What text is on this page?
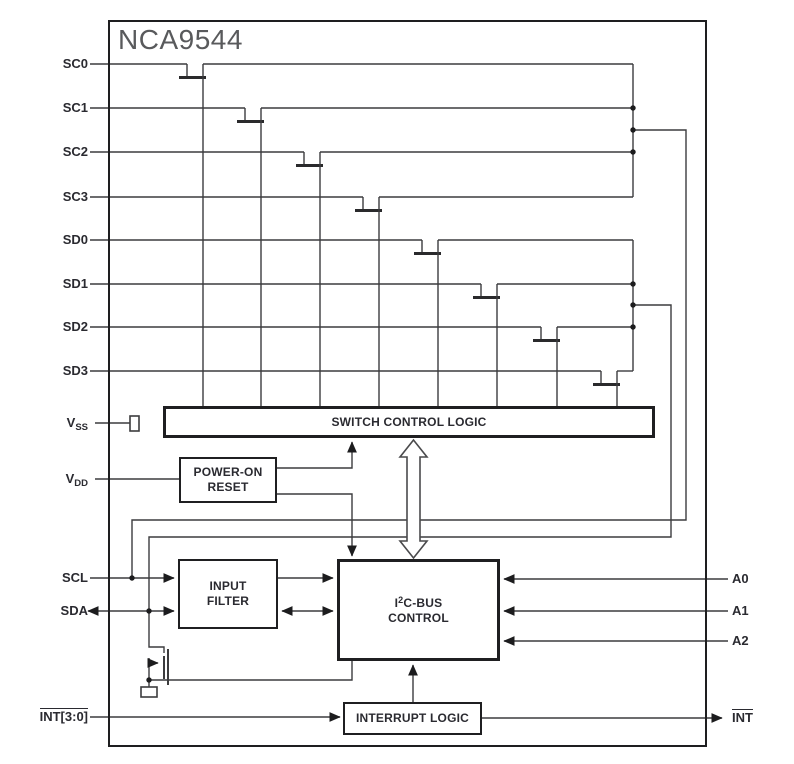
NCA9544
SWITCH CONTROL LOGIC
POWER-ON
RESET
INPUT
FILTER	$I^2C$-BUS
CONTROL
INTERRUPT LOGIC
SC0
SC1
SC2
SC3
SD0
SD1
SD2
SD3
$V_{SS}$
$V_{DD}$
SCL
SDA
INT[3:0]
A0
A1
A2
INT
